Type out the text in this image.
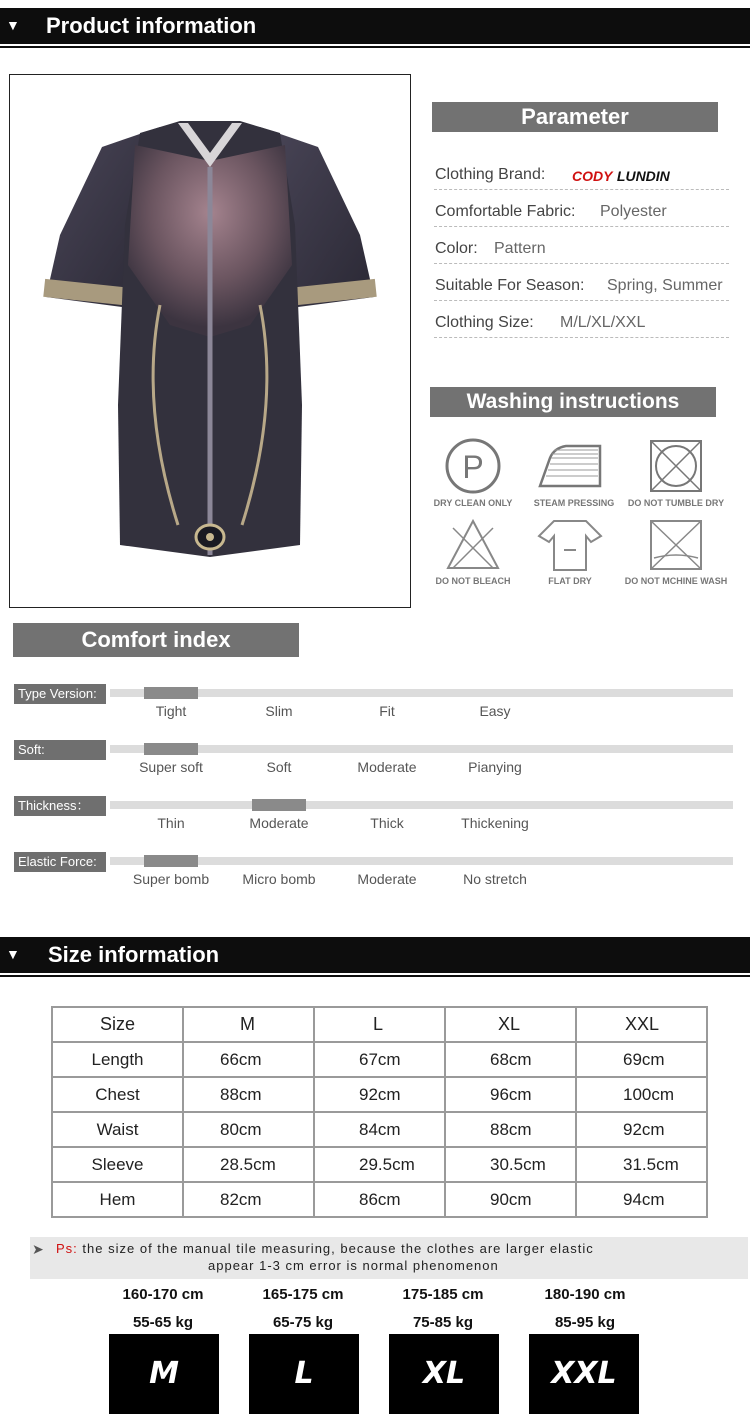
▼ Product information
Parameter
Clothing Brand: CODY LUNDIN
Comfortable Fabric: Polyester
Color: Pattern
Suitable For Season: Spring, Summer
Clothing Size: M/L/XL/XXL
Washing instructions
P
DRY CLEAN ONLY	STEAM PRESSING	DO NOT TUMBLE DRY
DO NOT BLEACH	FLAT DRY	DO NOT MCHINE WASH
Comfort index
Type Version:
Tight	Slim	Fit	Easy
Soft:
Super soft	Soft	Moderate	Pianying
Thickness：
Thin	Moderate	Thick	Thickening
Elastic Force:
Super bomb	Micro bomb	Moderate	No stretch
▼ Size information
Size	M	L	XL	XXL
Length	66cm	67cm	68cm	69cm
Chest	88cm	92cm	96cm	100cm
Waist	80cm	84cm	88cm	92cm
Sleeve	28.5cm	29.5cm	30.5cm	31.5cm
Hem	82cm	86cm	90cm	94cm
➤ Ps: the size of the manual tile measuring, because the clothes are larger elastic
appear 1-3 cm error is normal phenomenon
160-170 cm
55-65 kg
M
165-175 cm
65-75 kg
L
175-185 cm
75-85 kg
XL
180-190 cm
85-95 kg
XXL
